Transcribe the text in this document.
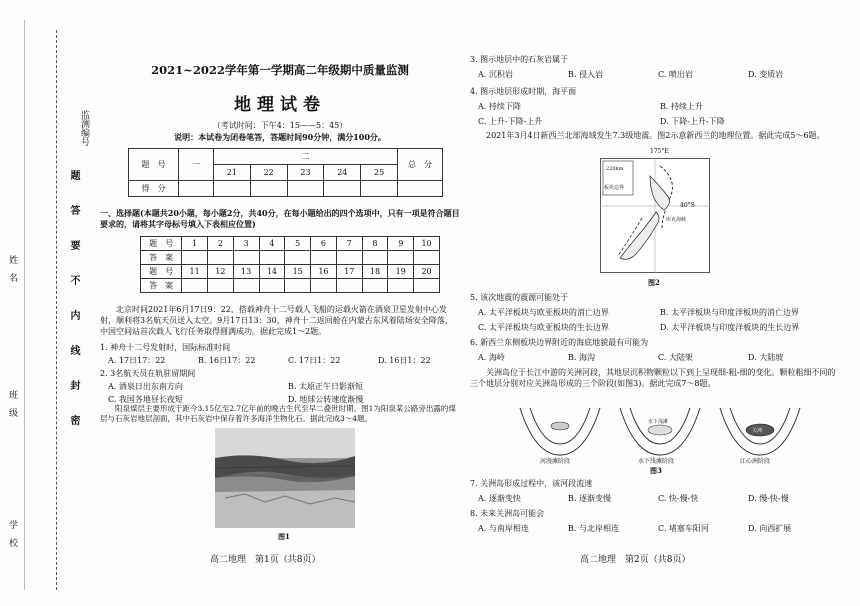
学　校
班　级
姓　名
监测编号
题
答
要
不
内
线
封
密
2021~2022学年第一学期高二年级期中质量监测
地理试卷
（考试时间：下午4：15——5：45）
说明：本试卷为闭卷笔答，答题时间90分钟，满分100分。
题　号	一	二					总　分
		21	22	23	24	25	
得　分							
一、选择题(本题共20小题，每小题2分，共40分，在每小题给出的四个选项中，只有一项是符合题目要求的，请将其字母标号填入下表相应位置)
题　号	1	2	3	4	5	6	7	8	9	10
答　案										
题　号	11	12	13	14	15	16	17	18	19	20
答　案										
北京时间2021年6月17日9：22，搭载神舟十二号载人飞船的运载火箭在酒泉卫星发射中心发射，顺利将3名航天员送入太空。9月17日13：30，神舟十二返回舱在内蒙古东风着陆场安全降落，中国空间站首次载人飞行任务取得圆满成功。据此完成1～2题。
1. 神舟十二号发射时，国际标准时间
A. 17日17：22	B. 16日17：22	C. 17日1：22	D. 16日1：22
2. 3名航天员在轨驻留期间
A. 酒泉日出东南方向	B. 太原正午日影渐短
C. 我国各地昼长夜短	D. 地球公转速度渐慢
阳泉煤层主要形成于距今3.15亿至2.7亿年前的晚古生代至早二叠世时期。图1为阳泉某公路旁出露的煤层与石灰岩地层剖面，其中石灰岩中保存着许多海洋生物化石。据此完成3～4题。
图1
高二地理　第1页（共8页）
3. 图示地层中的石灰岩属于
A. 沉积岩	B. 侵入岩	C. 喷出岩	D. 变质岩
4. 图示地层形成时期，海平面
A. 持续下降	B. 持续上升
C. 上升-下降-上升	D. 下降-上升-下降
2021年3月4日新西兰北部海域发生7.3级地震。图2示意新西兰的地理位置。据此完成5～6题。
175°E
40°S
220km
板块边界
库克海峡
图2
5. 该次地震的震源可能处于
A. 太平洋板块与欧亚板块的消亡边界	B. 太平洋板块与印度洋板块的消亡边界
C. 太平洋板块与欧亚板块的生长边界	D. 太平洋板块与印度洋板块的生长边界
6. 新西兰东侧板块边界附近的海底地貌最有可能为
A. 海岭	B. 海沟	C. 大陆架	D. 大陆坡
关洲岛位于长江中游的关洲河段，其地层沉积物颗粒以下到上呈现细-粗-细的变化。颗粒粗细不同的三个地层分别对应关洲岛形成的三个阶段(如图3)。据此完成7～8题。
水下浅滩
关洲
河漫滩阶段	水下浅滩阶段	江心洲阶段
图3
7. 关洲岛形成过程中，该河段流速
A. 逐渐变快	B. 逐渐变慢	C. 快-慢-快	D. 慢-快-慢
8. 未来关洲岛可能会
A. 与南岸相连	B. 与北岸相连	C. 堵塞车阳河	D. 向西扩展
高二地理　第2页（共8页）
